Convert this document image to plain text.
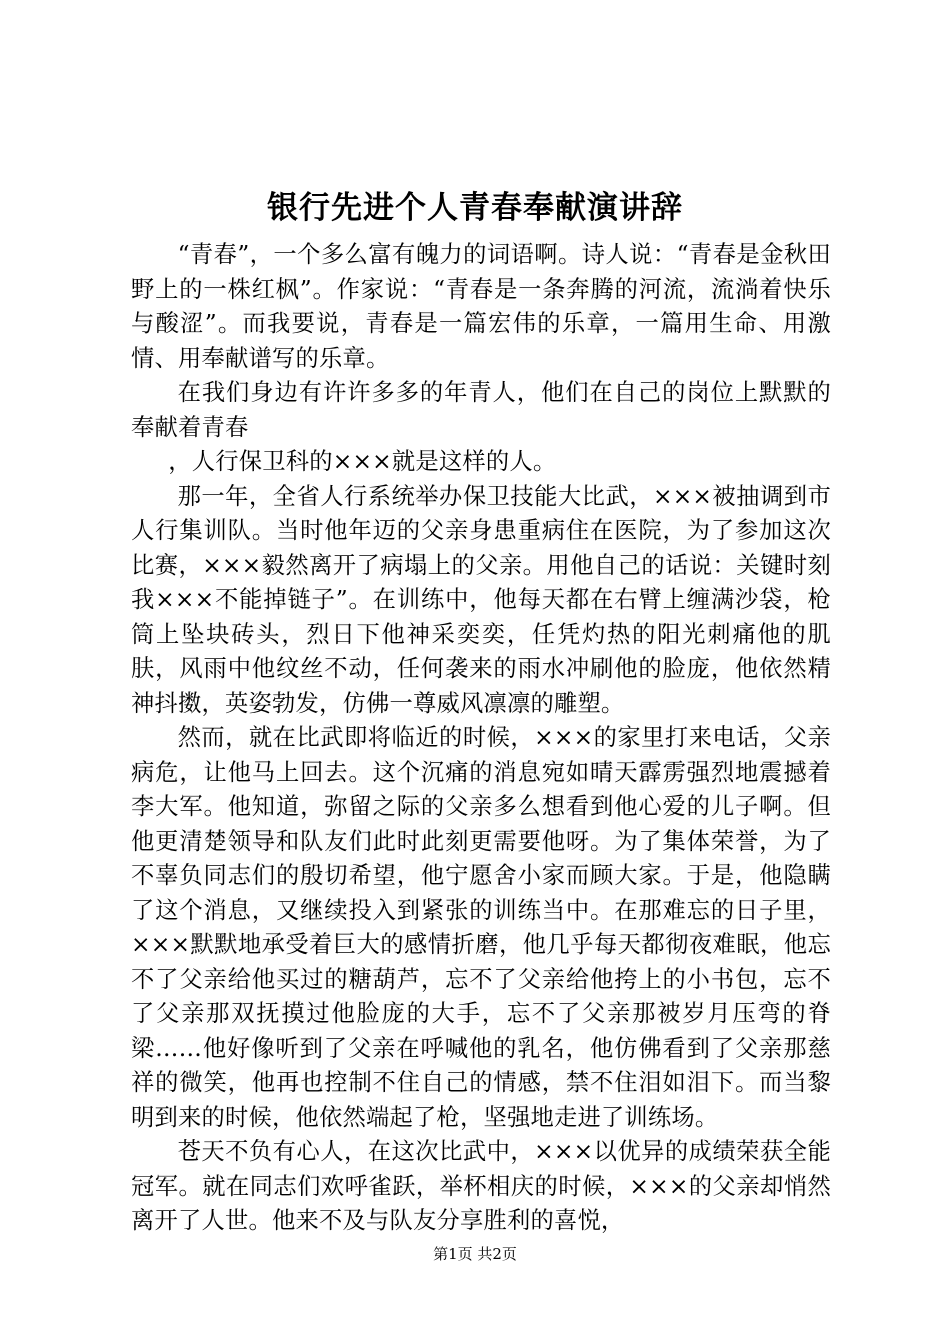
银行先进个人青春奉献演讲辞

“青春”，一个多么富有魄力的词语啊。诗人说：“青春是金秋田野上的一株红枫”。作家说：“青春是一条奔腾的河流，流淌着快乐与酸涩”。而我要说，青春是一篇宏伟的乐章，一篇用生命、用激情、用奉献谱写的乐章。

在我们身边有许许多多的年青人，他们在自己的岗位上默默的奉献着青春

，人行保卫科的×××就是这样的人。

那一年，全省人行系统举办保卫技能大比武，×××被抽调到市人行集训队。当时他年迈的父亲身患重病住在医院，为了参加这次比赛，×××毅然离开了病塌上的父亲。用他自己的话说：关键时刻我×××不能掉链子”。在训练中，他每天都在右臂上缠满沙袋，枪筒上坠块砖头，烈日下他神采奕奕，任凭灼热的阳光刺痛他的肌肤，风雨中他纹丝不动，任何袭来的雨水冲刷他的脸庞，他依然精神抖擞，英姿勃发，仿佛一尊威风凛凛的雕塑。

然而，就在比武即将临近的时候，×××的家里打来电话，父亲病危，让他马上回去。这个沉痛的消息宛如晴天霹雳强烈地震撼着李大军。他知道，弥留之际的父亲多么想看到他心爱的儿子啊。但他更清楚领导和队友们此时此刻更需要他呀。为了集体荣誉，为了不辜负同志们的殷切希望，他宁愿舍小家而顾大家。于是，他隐瞒了这个消息，又继续投入到紧张的训练当中。在那难忘的日子里，×××默默地承受着巨大的感情折磨，他几乎每天都彻夜难眠，他忘不了父亲给他买过的糖葫芦，忘不了父亲给他挎上的小书包，忘不了父亲那双抚摸过他脸庞的大手，忘不了父亲那被岁月压弯的脊梁……他好像听到了父亲在呼喊他的乳名，他仿佛看到了父亲那慈祥的微笑，他再也控制不住自己的情感，禁不住泪如泪下。而当黎明到来的时候，他依然端起了枪，坚强地走进了训练场。

苍天不负有心人，在这次比武中，×××以优异的成绩荣获全能冠军。就在同志们欢呼雀跃，举杯相庆的时候，×××的父亲却悄然离开了人世。他来不及与队友分享胜利的喜悦，

第1页 共2页
